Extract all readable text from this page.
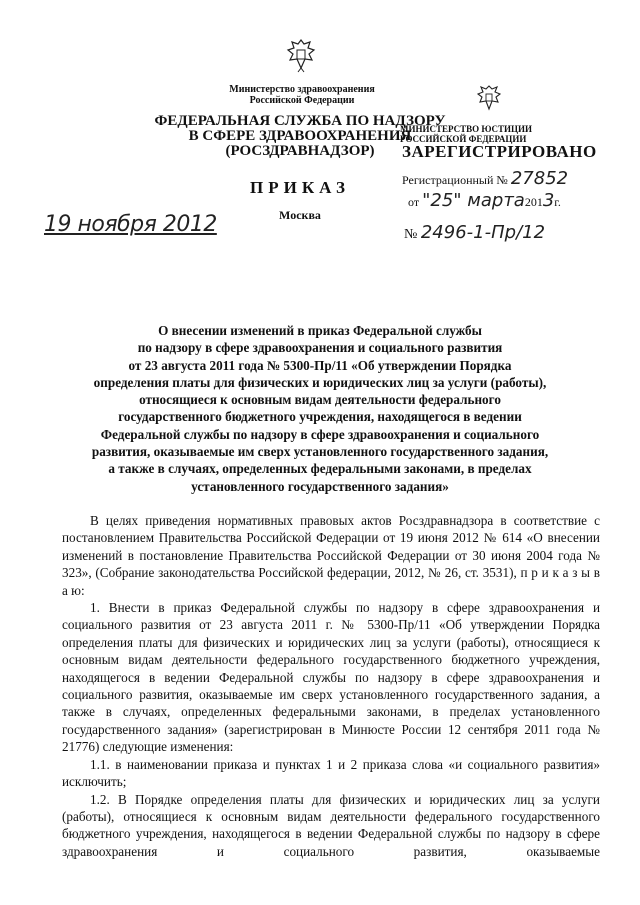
Министерство здравоохранения Российской Федерации
ФЕДЕРАЛЬНАЯ СЛУЖБА ПО НАДЗОРУ
В СФЕРЕ ЗДРАВООХРАНЕНИЯ
(РОСЗДРАВНАДЗОР)
ПРИКАЗ
Москва
19 ноября 2012
МИНИСТЕРСТВО ЮСТИЦИИ РОССИЙСКОЙ ФЕДЕРАЦИИ
ЗАРЕГИСТРИРОВАНО
Регистрационный № 27852
от "25" марта2013г.
№ 2496-1-Пр/12
О внесении изменений в приказ Федеральной службы
по надзору в сфере здравоохранения и социального развития
от 23 августа 2011 года № 5300-Пр/11 «Об утверждении Порядка
определения платы для физических и юридических лиц за услуги (работы),
относящиеся к основным видам деятельности федерального
государственного бюджетного учреждения, находящегося в ведении
Федеральной службы по надзору в сфере здравоохранения и социального
развития, оказываемые им сверх установленного государственного задания,
а также в случаях, определенных федеральными законами, в пределах
установленного государственного задания»

В целях приведения нормативных правовых актов Росздравнадзора в соответствие с постановлением Правительства Российской Федерации от 19 июня 2012 № 614 «О внесении изменений в постановление Правительства Российской Федерации от 30 июня 2004 года № 323», (Собрание законодательства Российской федерации, 2012, № 26, ст. 3531), п р и к а з ы в а ю:

1. Внести в приказ Федеральной службы по надзору в сфере здравоохранения и социального развития от 23 августа 2011 г. № 5300-Пр/11 «Об утверждении Порядка определения платы для физических и юридических лиц за услуги (работы), относящиеся к основным видам деятельности федерального государственного бюджетного учреждения, находящегося в ведении Федеральной службы по надзору в сфере здравоохранения и социального развития, оказываемые им сверх установленного государственного задания, а также в случаях, определенных федеральными законами, в пределах установленного государственного задания» (зарегистрирован в Минюсте России 12 сентября 2011 года № 21776) следующие изменения:

1.1. в наименовании приказа и пунктах 1 и 2 приказа слова «и социального развития» исключить;

1.2. В Порядке определения платы для физических и юридических лиц за услуги (работы), относящиеся к основным видам деятельности федерального государственного бюджетного учреждения, находящегося в ведении Федеральной службы по надзору в сфере здравоохранения и социального развития, оказываемые
